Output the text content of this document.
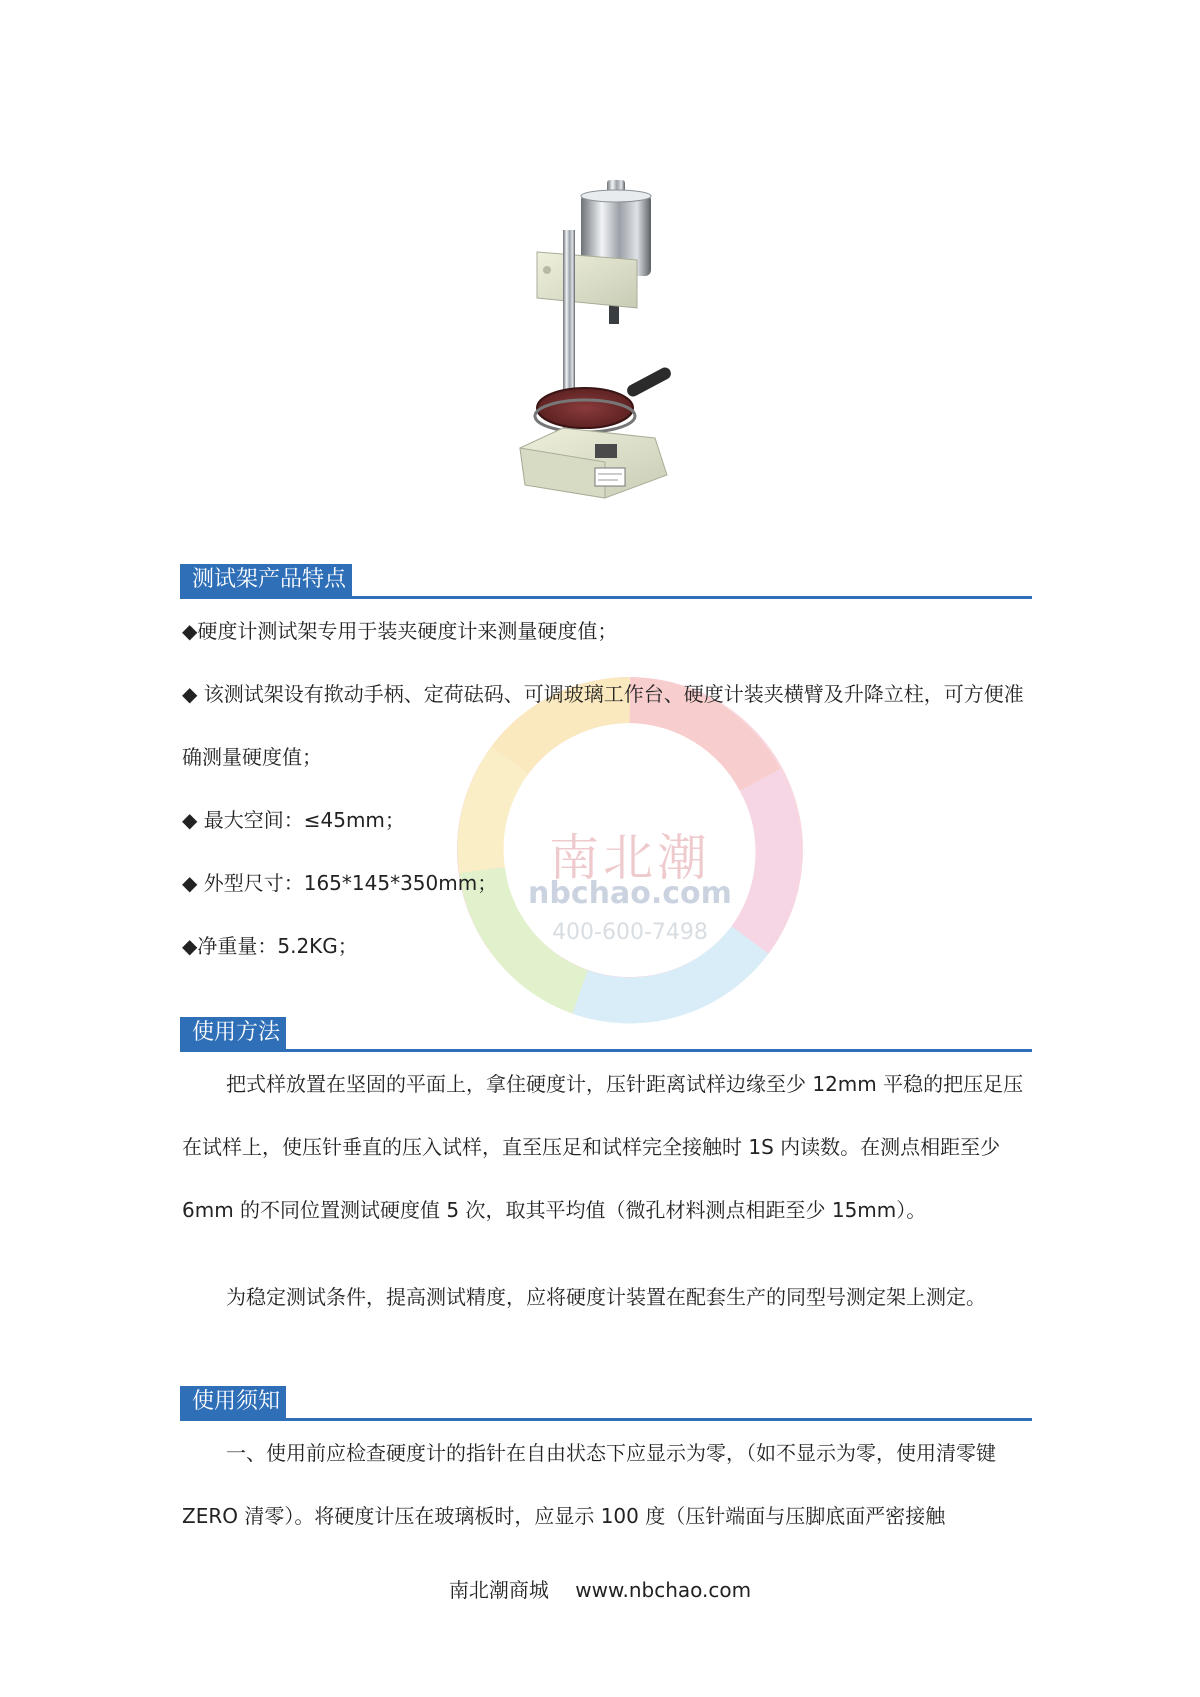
南北潮
nbchao.com
400-600-7498
测试架产品特点

◆硬度计测试架专用于装夹硬度计来测量硬度值；

◆ 该测试架设有揿动手柄、定荷砝码、可调玻璃工作台、硬度计装夹横臂及升降立柱，可方便准确测量硬度值；

◆ 最大空间：≤45mm；

◆ 外型尺寸：165*145*350mm；

◆净重量：5.2KG；

使用方法

把式样放置在坚固的平面上，拿住硬度计，压针距离试样边缘至少 12mm 平稳的把压足压在试样上，使压针垂直的压入试样，直至压足和试样完全接触时 1S 内读数。在测点相距至少 6mm 的不同位置测试硬度值 5 次，取其平均值（微孔材料测点相距至少 15mm）。

为稳定测试条件，提高测试精度，应将硬度计装置在配套生产的同型号测定架上测定。

使用须知

一、使用前应检查硬度计的指针在自由状态下应显示为零，（如不显示为零，使用清零键 ZERO 清零）。将硬度计压在玻璃板时，应显示 100 度（压针端面与压脚底面严密接触

南北潮商城 www.nbchao.com
